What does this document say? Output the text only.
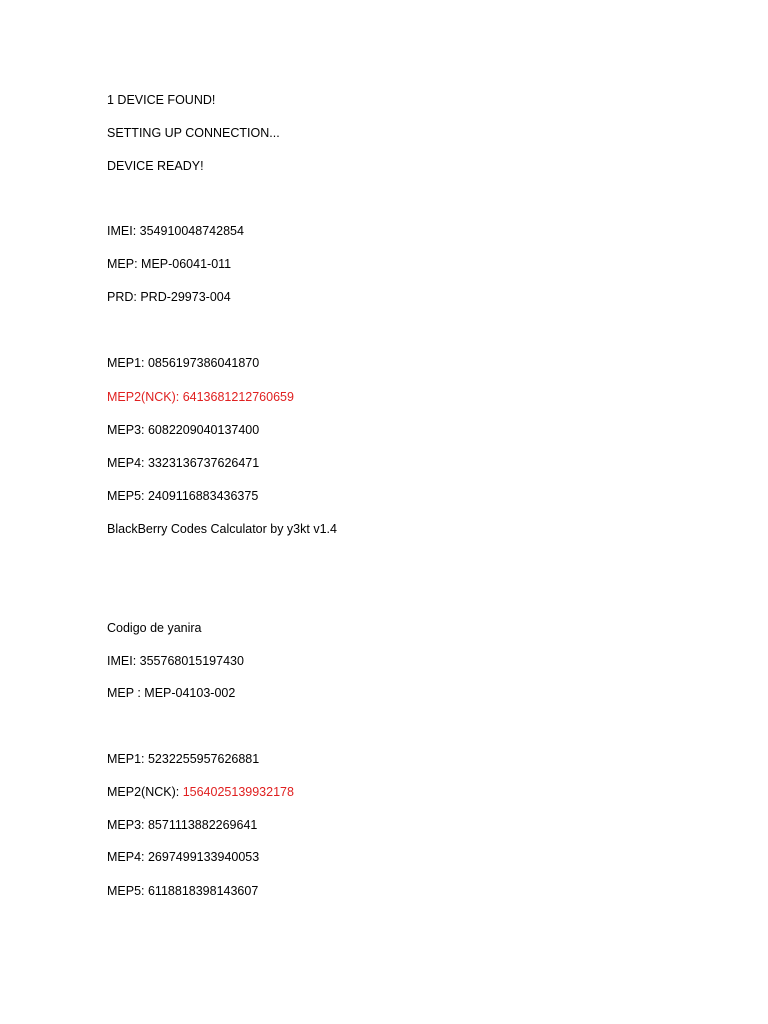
1 DEVICE FOUND!
SETTING UP CONNECTION...
DEVICE READY!
IMEI: 354910048742854
MEP: MEP-06041-011
PRD: PRD-29973-004
MEP1: 0856197386041870
MEP2(NCK): 6413681212760659
MEP3: 6082209040137400
MEP4: 3323136737626471
MEP5: 2409116883436375
BlackBerry Codes Calculator by y3kt v1.4
Codigo de yanira
IMEI: 355768015197430
MEP : MEP-04103-002
MEP1: 5232255957626881
MEP2(NCK): 1564025139932178
MEP3: 8571113882269641
MEP4: 2697499133940053
MEP5: 6118818398143607
